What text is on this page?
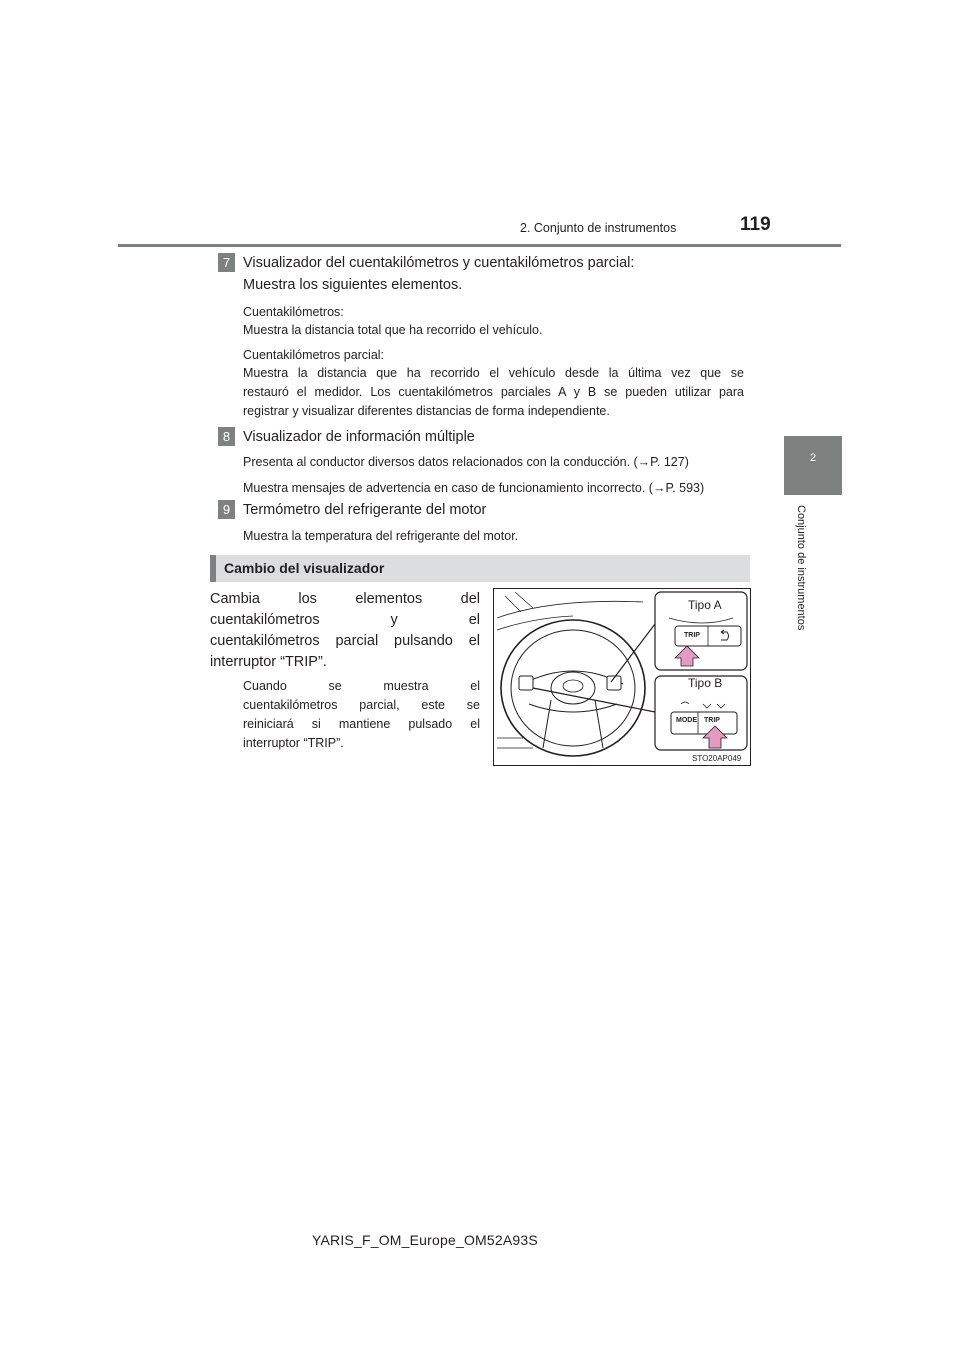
2. Conjunto de instrumentos	119
2
Conjunto de instrumentos
7 Visualizador del cuentakilómetros y cuentakilómetros parcial:
Muestra los siguientes elementos.
Cuentakilómetros:
Muestra la distancia total que ha recorrido el vehículo.
Cuentakilómetros parcial:
Muestra la distancia que ha recorrido el vehículo desde la última vez que se
restauró el medidor. Los cuentakilómetros parciales A y B se pueden utilizar para
registrar y visualizar diferentes distancias de forma independiente.
8 Visualizador de información múltiple
Presenta al conductor diversos datos relacionados con la conducción. (→P. 127)
Muestra mensajes de advertencia en caso de funcionamiento incorrecto. (→P. 593)
9 Termómetro del refrigerante del motor
Muestra la temperatura del refrigerante del motor.
Cambio del visualizador
Cambia los elementos del
cuentakilómetros y el
cuentakilómetros parcial pulsando el
interruptor “TRIP”.
Cuando se muestra el
cuentakilómetros parcial, este se
reiniciará si mantiene pulsado el
interruptor “TRIP”.
Tipo A
Tipo B
TRIP
MODE TRIP
STO20AP049
YARIS_F_OM_Europe_OM52A93S
